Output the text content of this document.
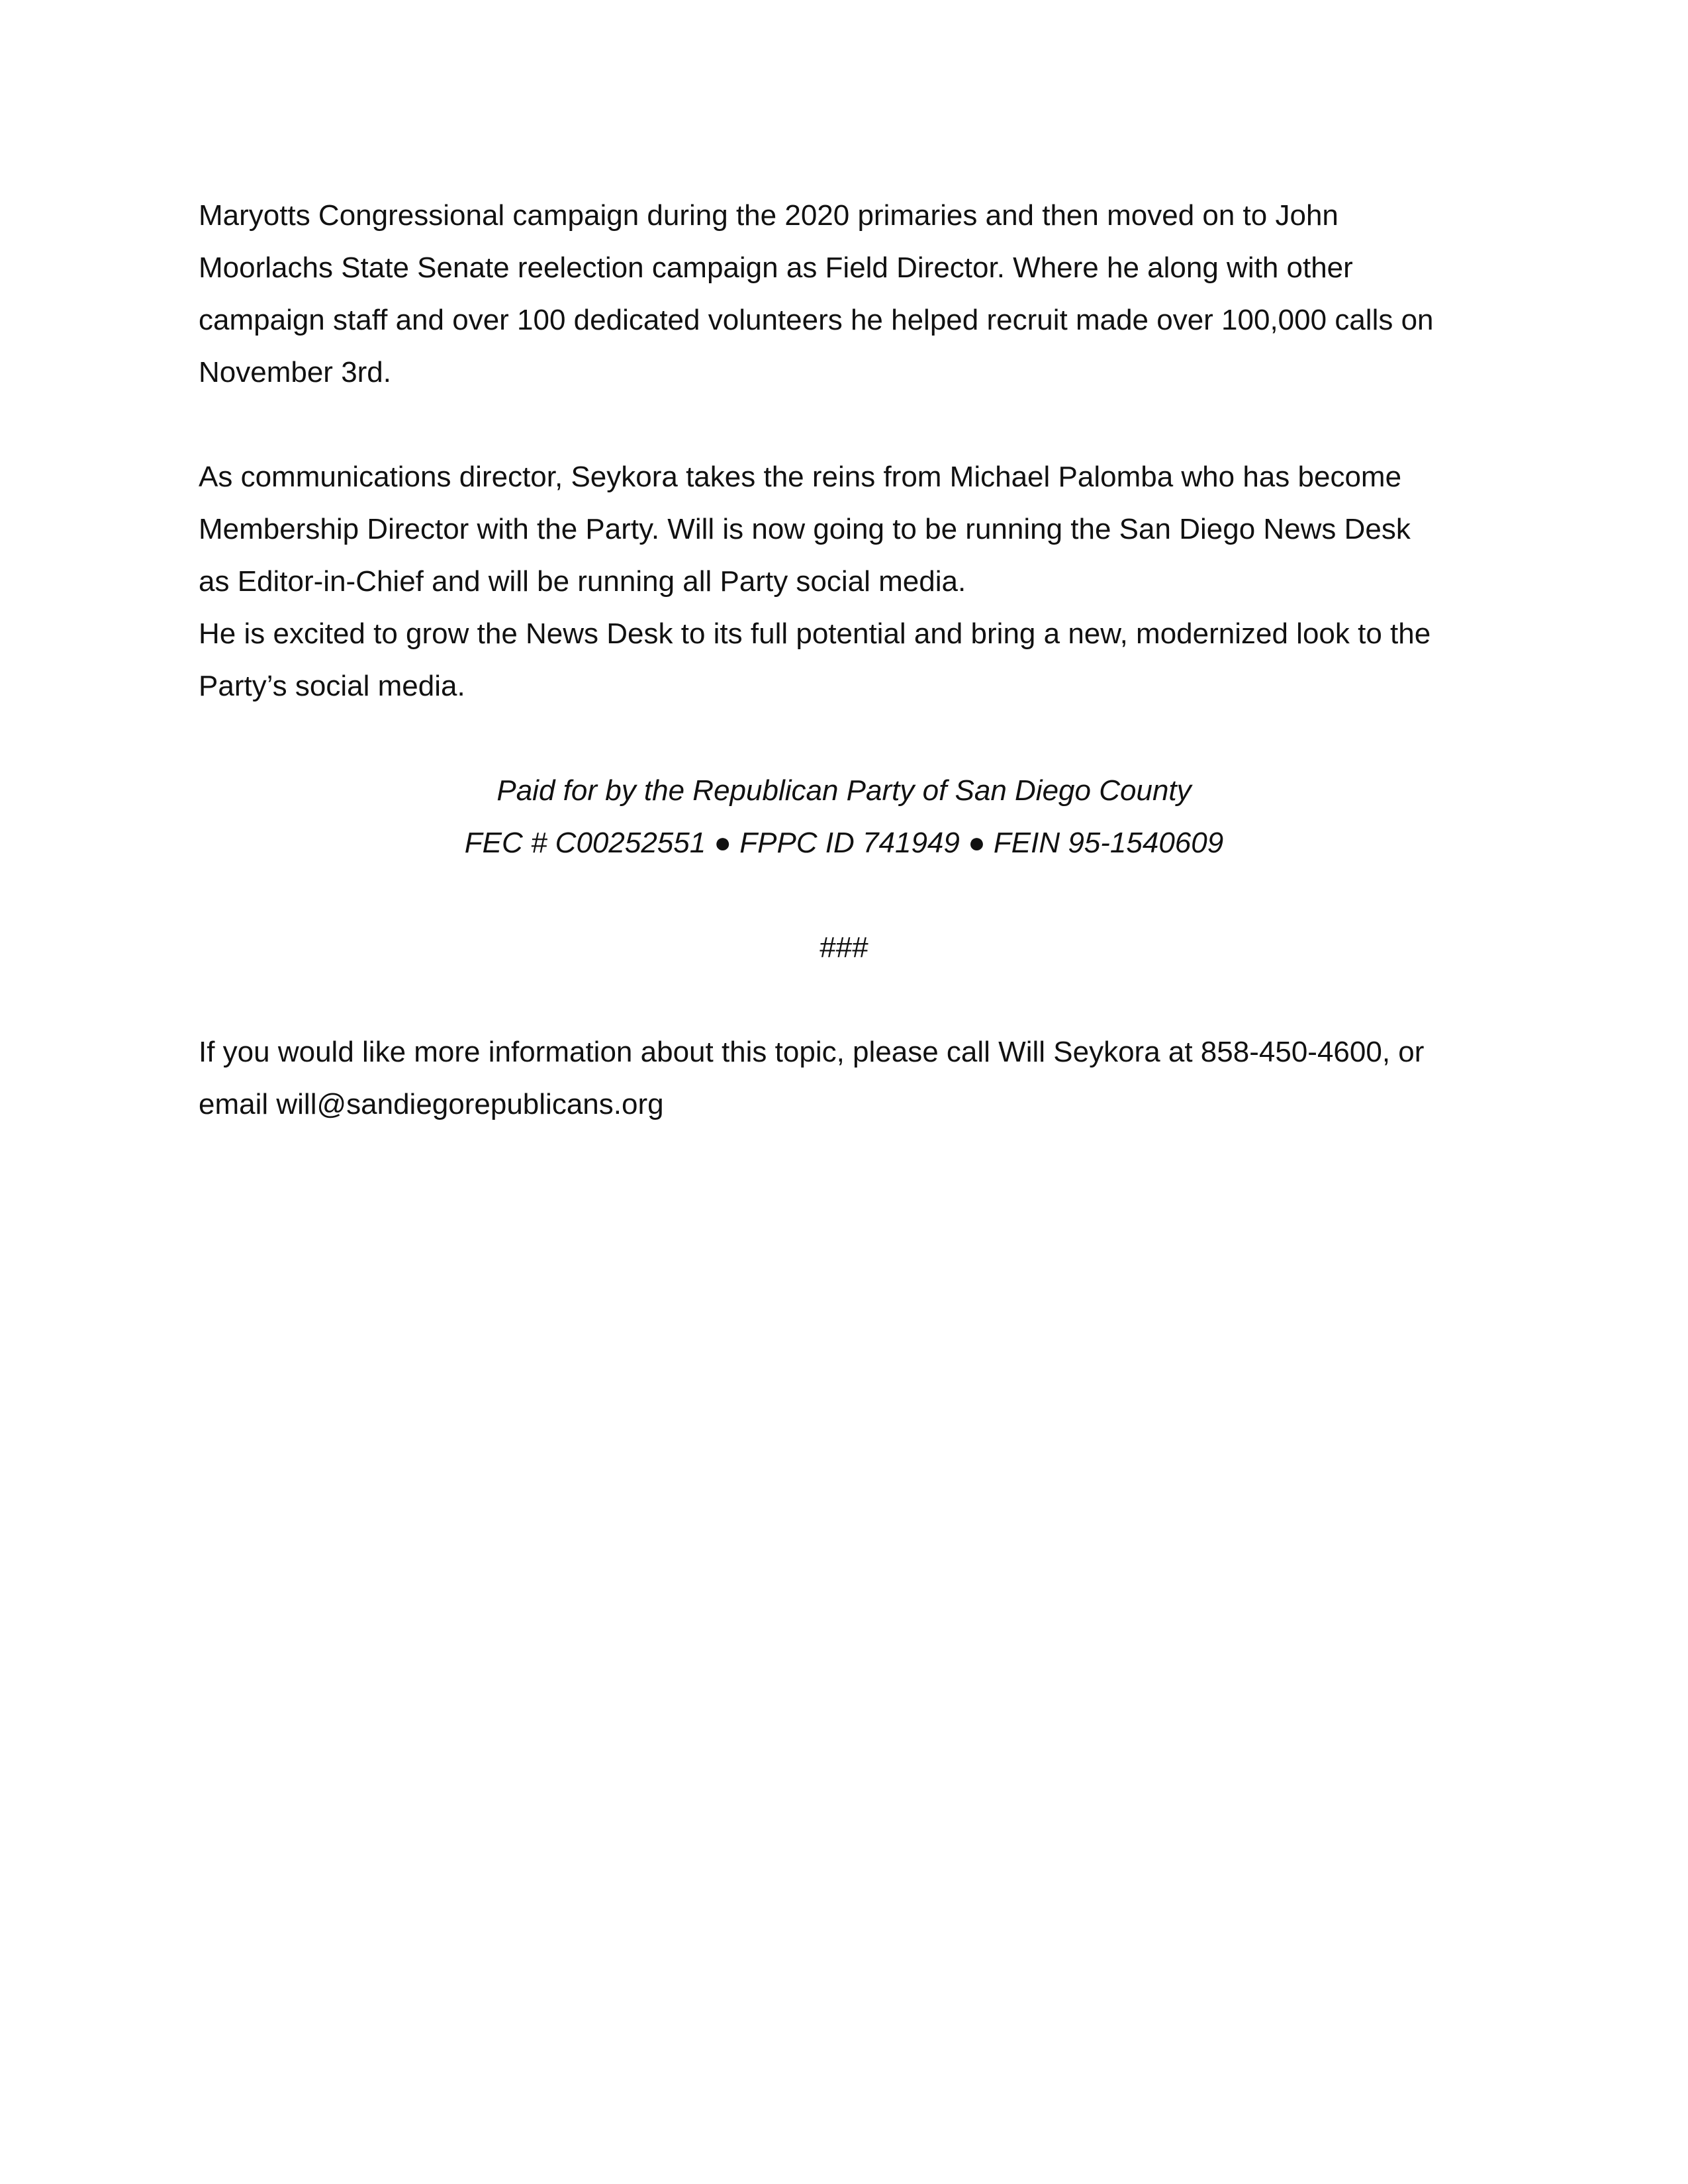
Maryotts Congressional campaign during the 2020 primaries and then moved on to John
Moorlachs State Senate reelection campaign as Field Director. Where he along with other
campaign staff and over 100 dedicated volunteers he helped recruit made over 100,000 calls on
November 3rd.
As communications director, Seykora takes the reins from Michael Palomba who has become
Membership Director with the Party. Will is now going to be running the San Diego News Desk
as Editor-in-Chief and will be running all Party social media.
He is excited to grow the News Desk to its full potential and bring a new, modernized look to the
Party’s social media.
Paid for by the Republican Party of San Diego County
FEC # C00252551 ● FPPC ID 741949 ● FEIN 95-1540609
###
If you would like more information about this topic, please call Will Seykora at 858-450-4600, or
email will@sandiegorepublicans.org
